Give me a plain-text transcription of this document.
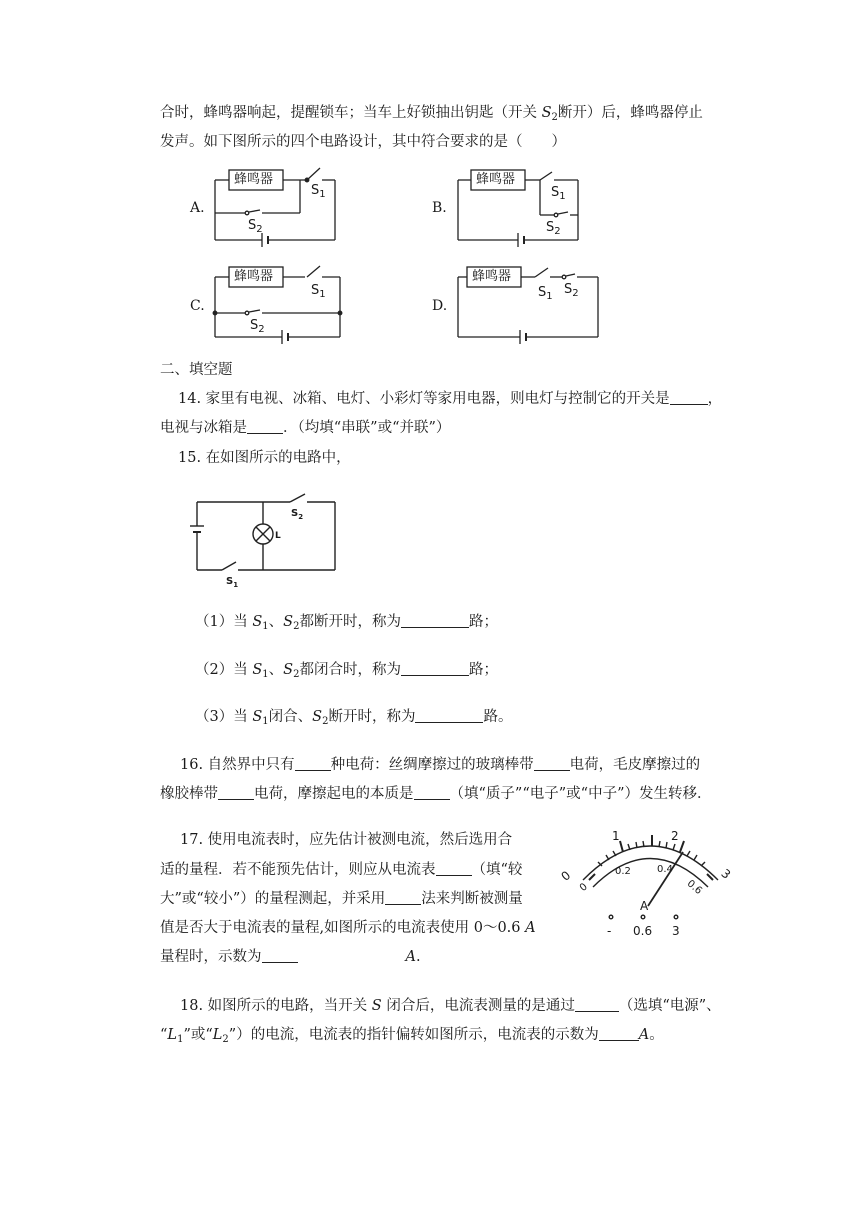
合时，蜂鸣器响起，提醒锁车；当车上好锁抽出钥匙（开关 $S_2$断开）后，蜂鸣器停止
发声。如下图所示的四个电路设计，其中符合要求的是（　　）
A.	B.
C.	D.
蜂鸣器	蜂鸣器
蜂鸣器	蜂鸣器
$S_1$
$S_2$
$S_1$
$S_2$
$S_1$
$S_2$
$S_1$ $S_2$
二、填空题
14. 家里有电视、冰箱、电灯、小彩灯等家用电器，则电灯与控制它的开关是	，
电视与冰箱是 ．（均填“串联”或“并联”）
15. 在如图所示的电路中，
$S_2$
L
$S_1$
（1）当 $S_1$、$S_2$都断开时，称为	路；
（2）当 $S_1$、$S_2$都闭合时，称为	路；
（3）当 $S_1$闭合、$S_2$断开时，称为	路。
16. 自然界中只有 种电荷：丝绸摩擦过的玻璃棒带 电荷，毛皮摩擦过的
橡胶棒带 电荷，摩擦起电的本质是 （填“质子”“电子”或“中子”）发生转移．
17. 使用电流表时，应先估计被测电流，然后选用合
适的量程．若不能预先估计，则应从电流表 （填“较
大”或“较小”）的量程测起，并采用 法来判断被测量
值是否大于电流表的量程,如图所示的电流表使用 0～0.6 A
量程时，示数为	A.
0
1	2
3
0
0.2	0.4
0.6
A
- 0.6 3
18. 如图所示的电路，当开关 S 闭合后，电流表测量的是通过	（选填“电源”、
“$L_1$”或“$L_2$”）的电流，电流表的指针偏转如图所示，电流表的示数为	A。
